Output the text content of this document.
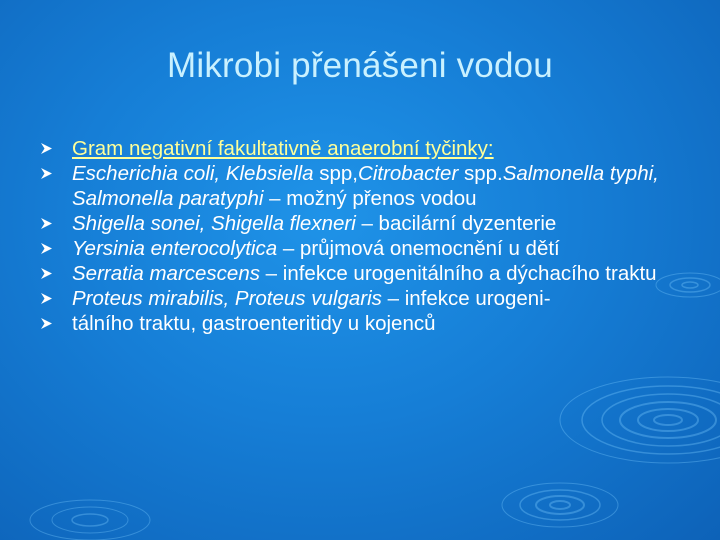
Mikrobi přenášeni vodou
Gram negativní fakultativně anaerobní tyčinky:
Escherichia coli, Klebsiella spp,Citrobacter spp.Salmonella typhi, Salmonella paratyphi – možný přenos vodou
Shigella sonei, Shigella flexneri – bacilární dyzenterie
Yersinia enterocolytica – průjmová onemocnění u dětí
Serratia marcescens – infekce urogenitálního a dýchacího traktu
Proteus mirabilis, Proteus vulgaris – infekce urogeni-
tálního traktu, gastroenteritidy u kojenců
